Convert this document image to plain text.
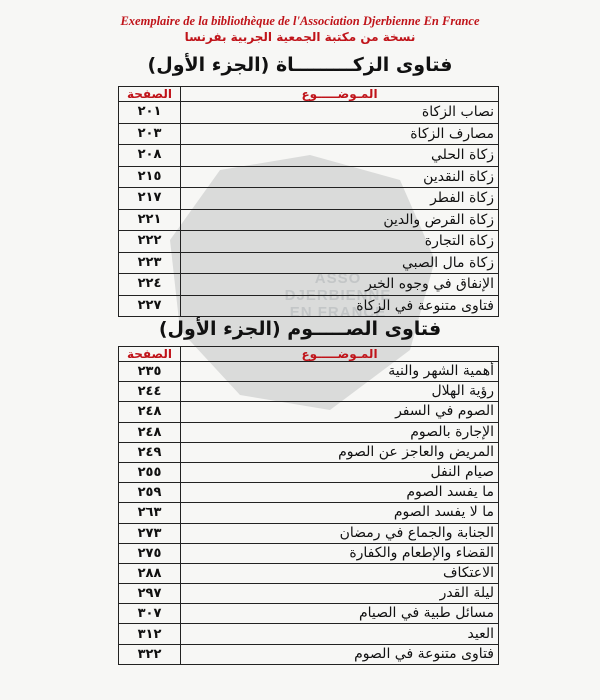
Exemplaire de la bibliothèque de l'Association Djerbienne En France
نسخة من مكتبة الجمعية الجربية بفرنسا
ASSO
DJERBIENNE
EN FRANCE
فتاوى الزكـــــــــاة (الجزء الأول)
المـوضـــــوع	الصفحة
نصاب الزكاة	٢٠١
مصارف الزكاة	٢٠٣
زكاة الحلي	٢٠٨
زكاة النقدين	٢١٥
زكاة الفطر	٢١٧
زكاة القرض والدين	٢٢١
زكاة التجارة	٢٢٢
زكاة مال الصبي	٢٢٣
الإنفاق في وجوه الخير	٢٢٤
فتاوى متنوعة في الزكاة	٢٢٧
فتاوى الصـــــوم (الجزء الأول)
المـوضـــــوع	الصفحة
أهمية الشهر والنية	٢٣٥
رؤية الهلال	٢٤٤
الصوم في السفر	٢٤٨
الإجارة بالصوم	٢٤٨
المريض والعاجز عن الصوم	٢٤٩
صيام النفل	٢٥٥
ما يفسد الصوم	٢٥٩
ما لا يفسد الصوم	٢٦٣
الجنابة والجماع في رمضان	٢٧٣
القضاء والإطعام والكفارة	٢٧٥
الاعتكاف	٢٨٨
ليلة القدر	٢٩٧
مسائل طبية في الصيام	٣٠٧
العيد	٣١٢
فتاوى متنوعة في الصوم	٣٢٢
